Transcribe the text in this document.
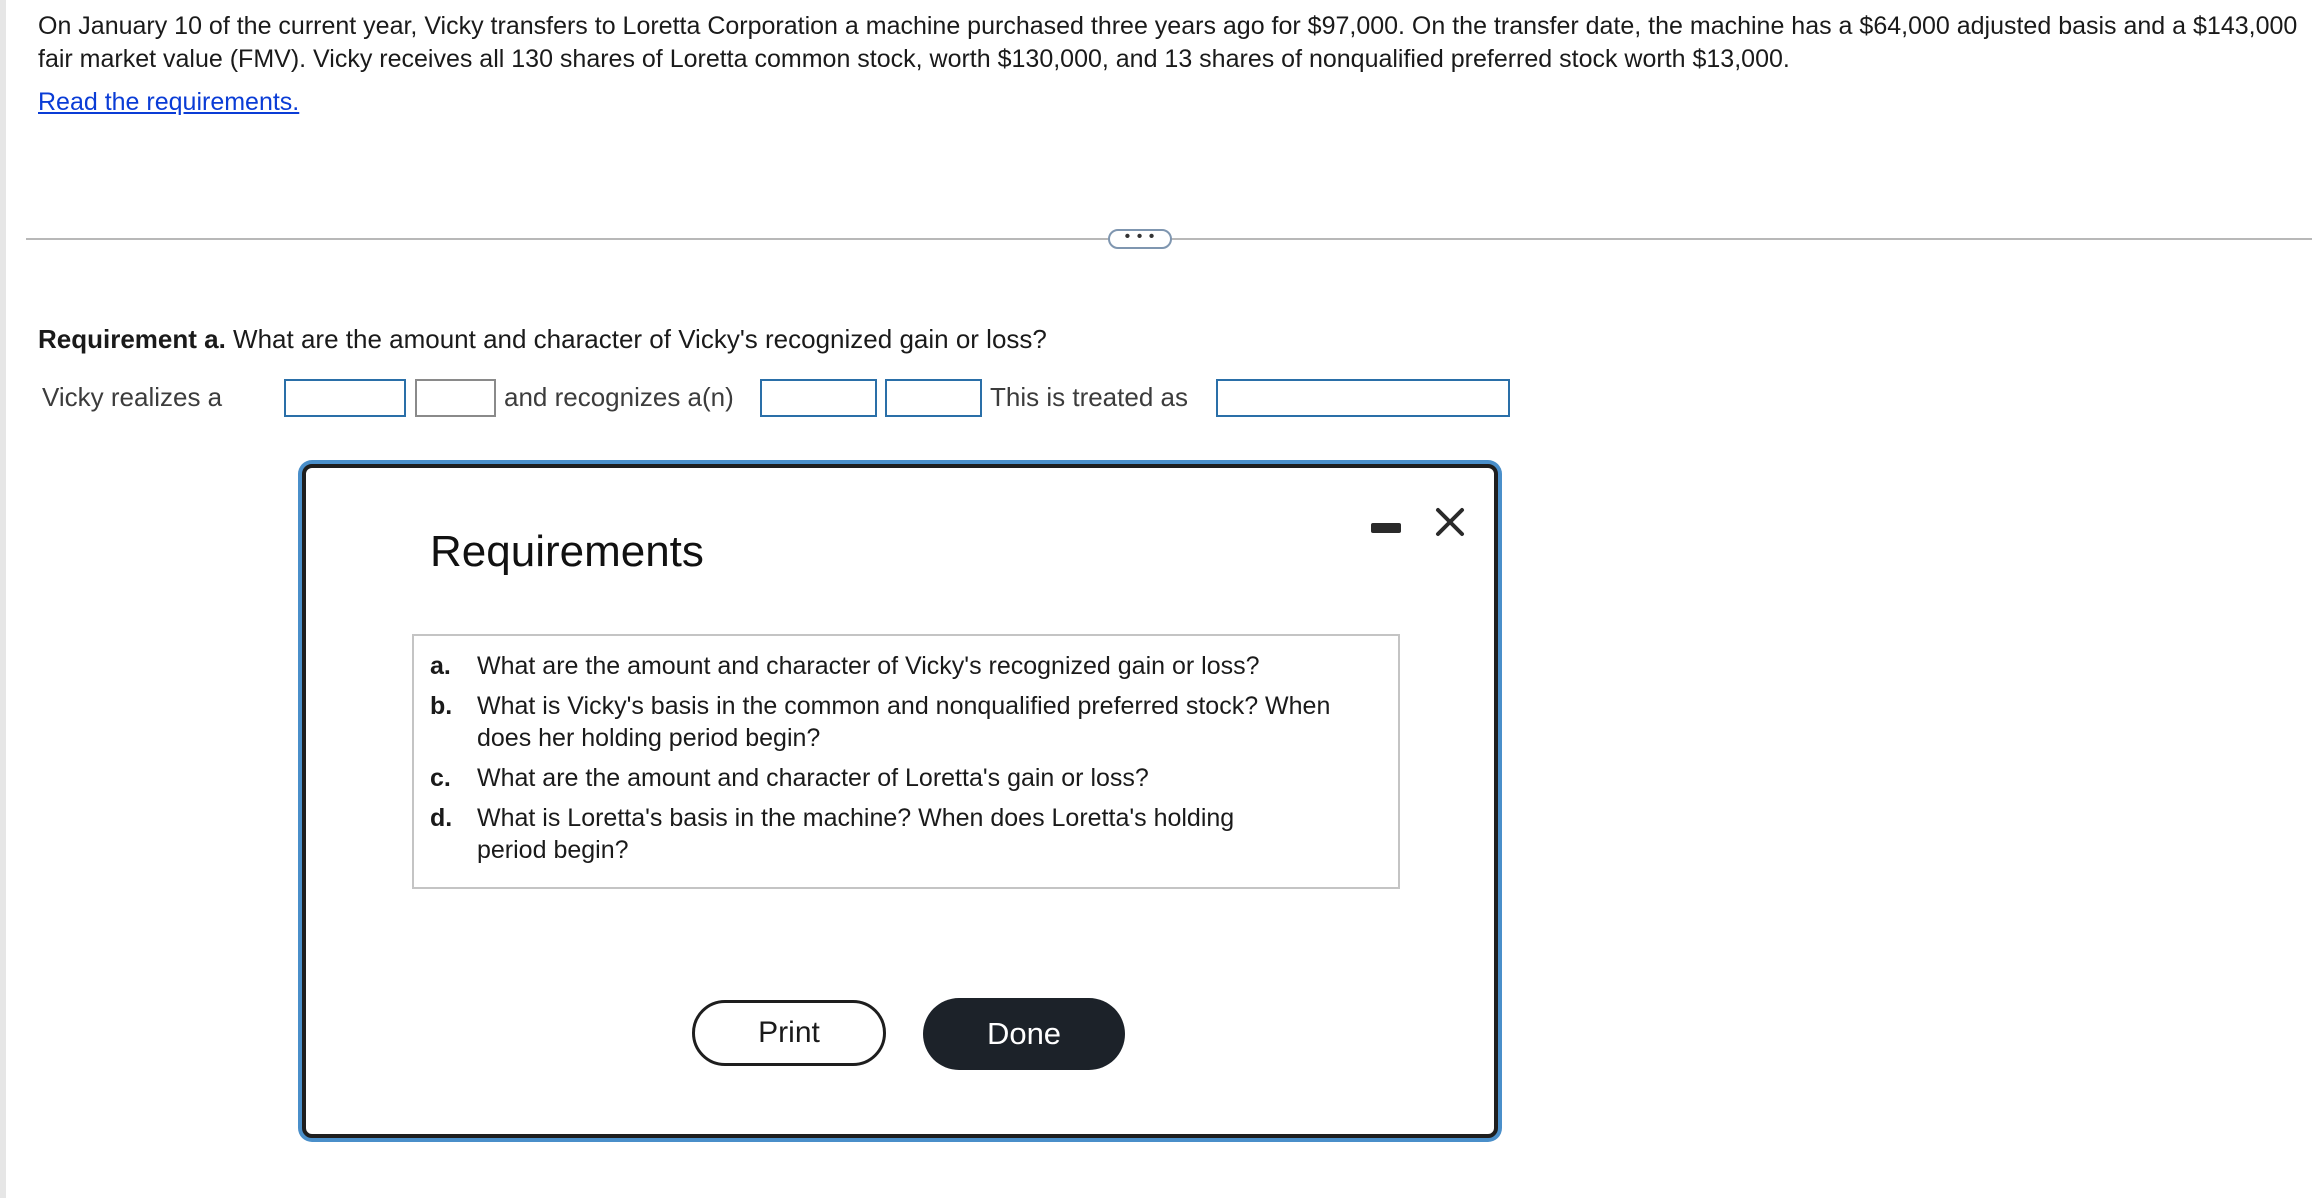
On January 10 of the current year, Vicky transfers to Loretta Corporation a machine purchased three years ago for $97,000. On the transfer date, the machine has a $64,000 adjusted basis and a $143,000 fair market value (FMV). Vicky receives all 130 shares of Loretta common stock, worth $130,000, and 13 shares of nonqualified preferred stock worth $13,000.

Read the requirements.
• • •
Requirement a. What are the amount and character of Vicky's recognized gain or loss?
Vicky realizes a	and recognizes a(n)	This is treated as
Requirements
a.	What are the amount and character of Vicky's recognized gain or loss?
b. What is Vicky's basis in the common and nonqualified preferred stock? When does her holding period begin?
c.	What are the amount and character of Loretta's gain or loss?
d. What is Loretta's basis in the machine? When does Loretta's holding period begin?
Print	Done
